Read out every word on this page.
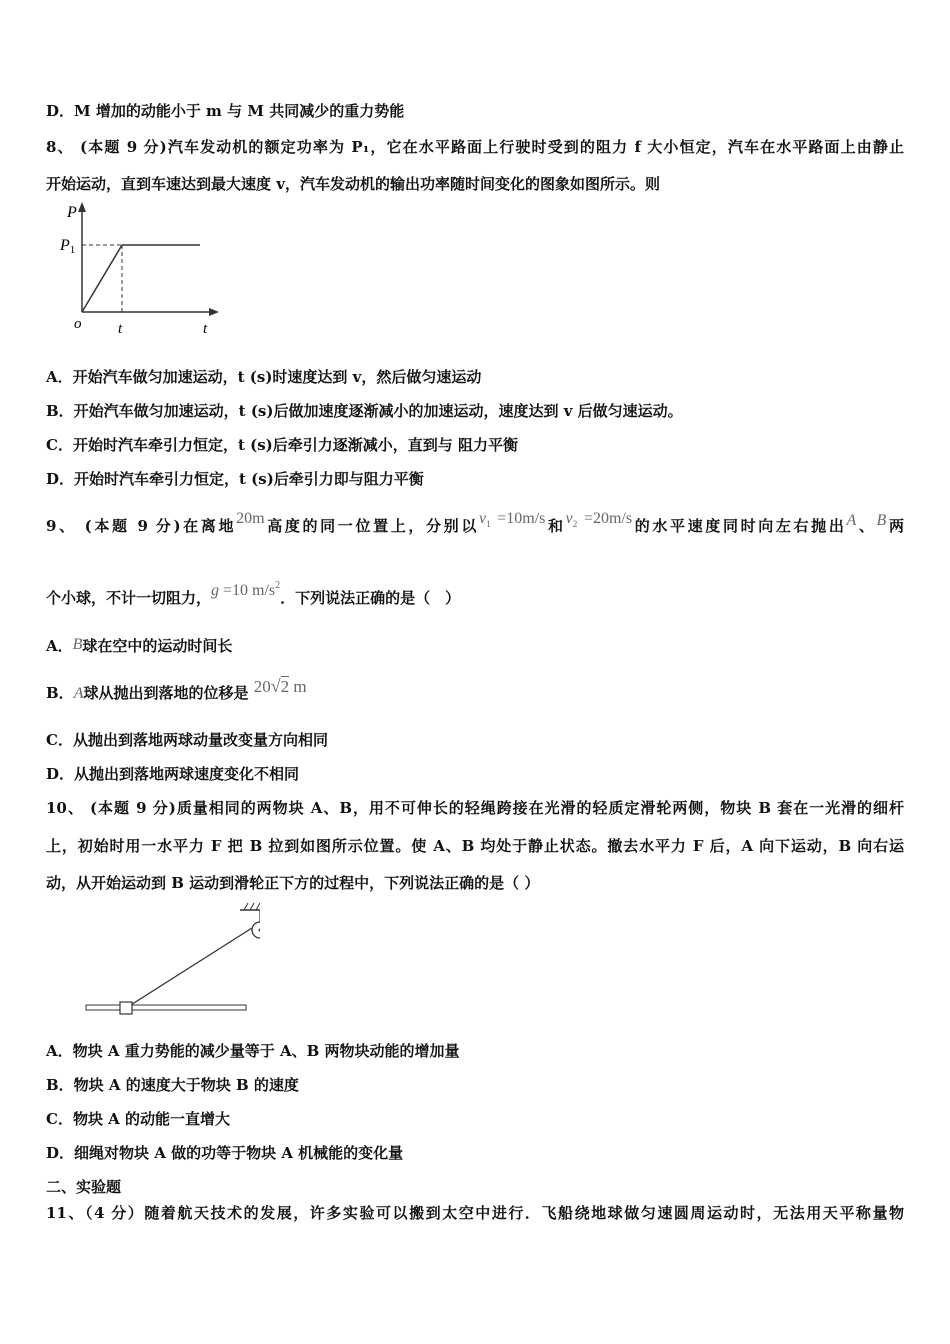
D．M 增加的动能小于 m 与 M 共同减少的重力势能
8、 (本题 9 分)汽车发动机的额定功率为 P₁，它在水平路面上行驶时受到的阻力 f 大小恒定，汽车在水平路面上由静止
开始运动，直到车速达到最大速度 v，汽车发动机的输出功率随时间变化的图象如图所示。则
P
P1
o t	t
A．开始汽车做匀加速运动，t (s)时速度达到 v，然后做匀速运动
B．开始汽车做匀加速运动，t (s)后做加速度逐渐减小的加速运动，速度达到 v 后做匀速运动。
C．开始时汽车牵引力恒定，t (s)后牵引力逐渐减小，直到与 阻力平衡
D．开始时汽车牵引力恒定，t (s)后牵引力即与阻力平衡
9、 (本题 9 分)在离地20m高度的同一位置上，分别以$v_1 =10m/s$和$v_2 =20m/s$的水平速度同时向左右抛出A、B两
个小球，不计一切阻力，g =10 $m/s^2$．下列说法正确的是（　）
A．B球在空中的运动时间长
B．A球从抛出到落地的位移是 20√2 m
C．从抛出到落地两球动量改变量方向相同
D．从抛出到落地两球速度变化不相同
10、 (本题 9 分)质量相同的两物块 A、B，用不可伸长的轻绳跨接在光滑的轻质定滑轮两侧，物块 B 套在一光滑的细杆
上，初始时用一水平力 F 把 B 拉到如图所示位置。使 A、B 均处于静止状态。撤去水平力 F 后，A 向下运动，B 向右运
动，从开始运动到 B 运动到滑轮正下方的过程中，下列说法正确的是（ ）
A．物块 A 重力势能的减少量等于 A、B 两物块动能的增加量
B．物块 A 的速度大于物块 B 的速度
C．物块 A 的动能一直增大
D．细绳对物块 A 做的功等于物块 A 机械能的变化量
二、实验题
11、（4 分）随着航天技术的发展，许多实验可以搬到太空中进行．飞船绕地球做匀速圆周运动时，无法用天平称量物
